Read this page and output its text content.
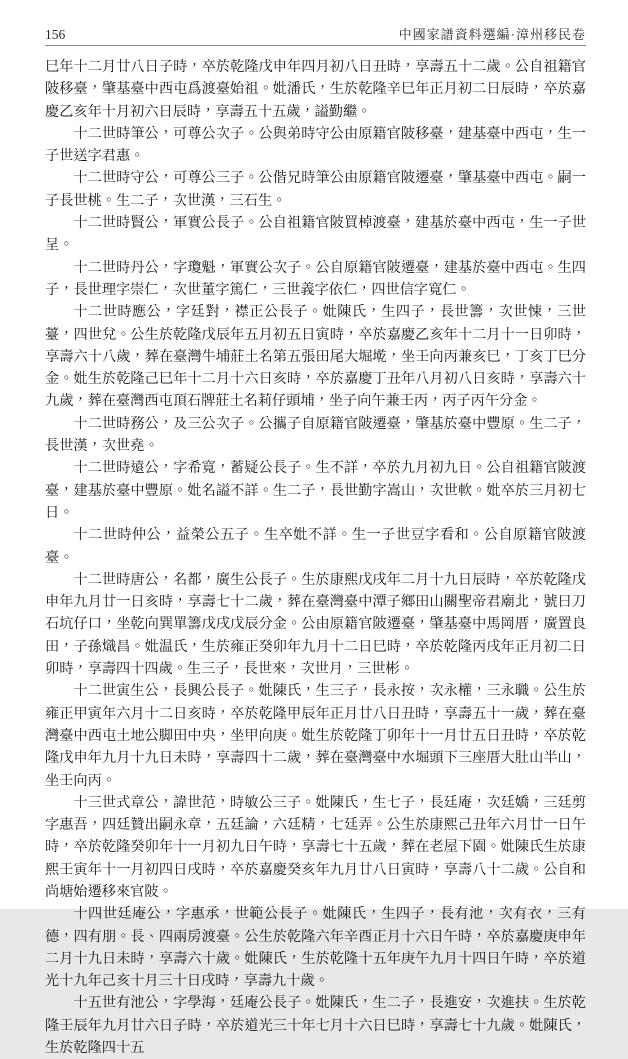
156	中國家譜資料選編·漳州移民卷

巳年十二月廿八日子時，卒於乾隆戊申年四月初八日丑時，享壽五十二歲。公自祖籍官陂移臺，肇基臺中西屯爲渡臺始祖。妣潘氏，生於乾隆辛巳年正月初二日辰時，卒於嘉慶乙亥年十月初六日辰時，享壽五十五歲，謚勤繼。

十二世時筆公，可尊公次子。公與弟時守公由原籍官陂移臺，建基臺中西屯，生一子世送字君惠。

十二世時守公，可尊公三子。公偕兄時筆公由原籍官陂遷臺，肇基臺中西屯。嗣一子長世桃。生二子，次世漢，三石生。

十二世時賢公，軍實公長子。公自祖籍官陂買棹渡臺，建基於臺中西屯，生一子世呈。

十二世時丹公，字瓊魁，軍實公次子。公自原籍官陂遷臺，建基於臺中西屯。生四子，長世理字崇仁，次世董字篤仁，三世義字依仁，四世信字寬仁。

十二世時應公，字廷對，襟正公長子。妣陳氏，生四子，長世籌，次世悚，三世薹，四世兌。公生於乾隆戊辰年五月初五日寅時，卒於嘉慶乙亥年十二月十一日卯時，享壽六十八歲，葬在臺灣牛埔莊土名第五張田尾大堀墘，坐壬向丙兼亥巳，丁亥丁巳分金。妣生於乾隆己巳年十二月十六日亥時，卒於嘉慶丁丑年八月初八日亥時，享壽六十九歲，葬在臺灣西屯頂石牌莊土名莉仔頭埔，坐子向午兼壬丙，丙子丙午分金。

十二世時務公，及三公次子。公攜子自原籍官陂遷臺，肇基於臺中豐原。生二子，長世漢，次世堯。

十二世時遠公，字希寬，蓄疑公長子。生不詳，卒於九月初九日。公自祖籍官陂渡臺，建基於臺中豐原。妣名謚不詳。生二子，長世勤字嵩山，次世軟。妣卒於三月初七日。

十二世時仲公，益榮公五子。生卒妣不詳。生一子世豆字看和。公自原籍官陂渡臺。

十二世時唐公，名都，廣生公長子。生於康熙戊戌年二月十九日辰時，卒於乾隆戊申年九月廿一日亥時，享壽七十二歲，葬在臺灣臺中潭子鄉田山關聖帝君廟北，號曰刀石坑仔口，坐乾向巽單籌戊戌戊辰分金。公由原籍官陂遷臺，肇基臺中馬岡厝，廣置良田，子孫熾昌。妣温氏，生於雍正癸卯年九月十二日巳時，卒於乾隆丙戌年正月初二日卯時，享壽四十四歲。生三子，長世來，次世月，三世彬。

十二世寅生公，長興公長子。妣陳氏，生三子，長永按，次永權，三永職。公生於雍正甲寅年六月十二日亥時，卒於乾隆甲辰年正月廿八日丑時，享壽五十一歲，葬在臺灣臺中西屯土地公脚田中央，坐甲向庚。妣生於乾隆丁卯年十一月廿五日丑時，卒於乾隆戊申年九月十九日未時，享壽四十二歲，葬在臺灣臺中水堀頭下三座厝大肚山半山，坐壬向丙。

十三世式章公，諱世范，時敏公三子。妣陳氏，生七子，長廷庵，次廷嬌，三廷剪字惠吾，四廷贊出嗣永章，五廷論，六廷精，七廷弄。公生於康熙己丑年六月廿一日午時，卒於乾隆癸卯年十一月初九日午時，享壽七十五歲，葬在老屋下園。妣陳氏生於康熙壬寅年十一月初四日戌時，卒於嘉慶癸亥年九月廿八日寅時，享壽八十二歲。公自和尚塘始遷移來官陂。

十四世廷庵公，字惠承，世範公長子。妣陳氏，生四子，長有池，次有衣，三有德，四有朋。長、四兩房渡臺。公生於乾隆六年辛酉正月十六日午時，卒於嘉慶庚申年二月十九日未時，享壽六十歲。妣陳氏，生於乾隆十五年庚午九月十四日午時，卒於道光十九年己亥十月三十日戌時，享壽九十歲。

十五世有池公，字學海，廷庵公長子。妣陳氏，生二子，長進安，次進扶。生於乾隆壬辰年九月廿六日子時，卒於道光三十年七月十六日巳時，享壽七十九歲。妣陳氏，生於乾隆四十五
